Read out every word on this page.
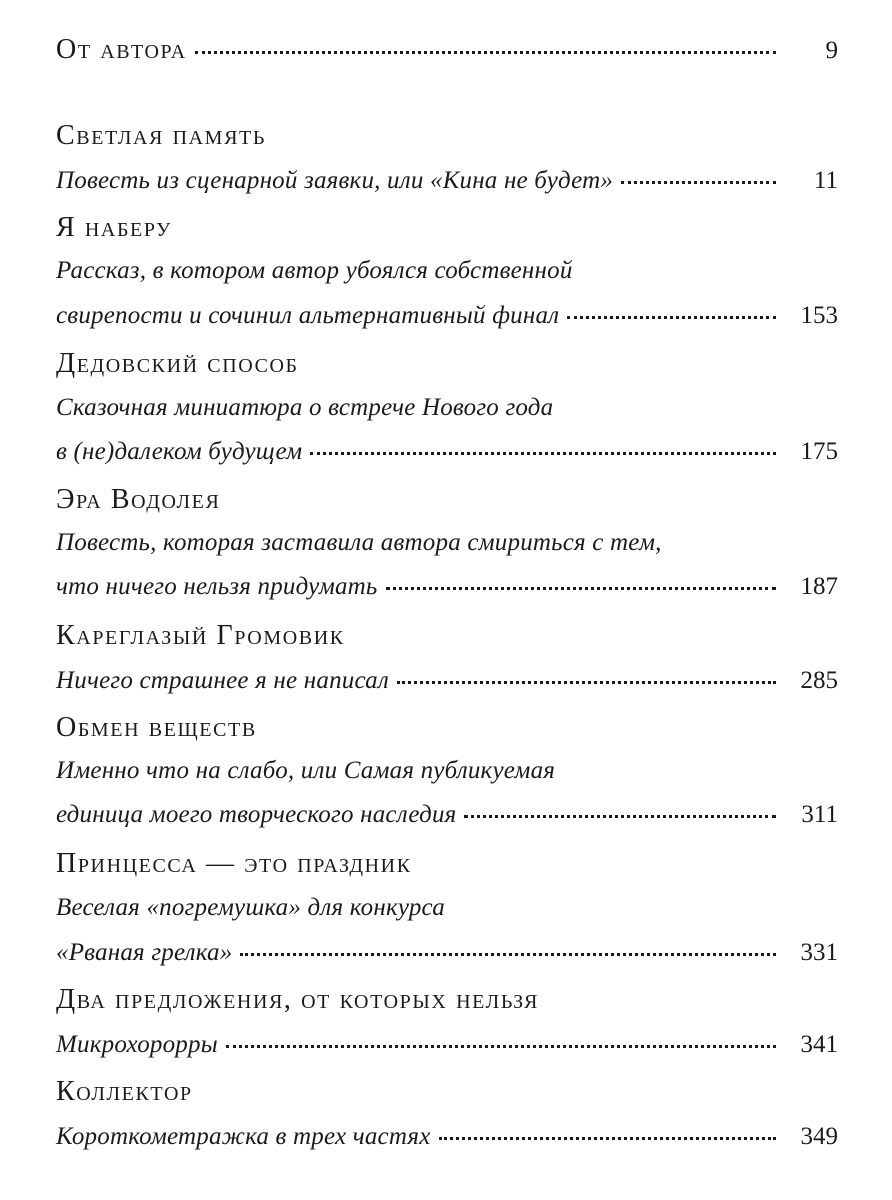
От автора	9
Светлая память
Повесть из сценарной заявки, или «Кина не будет»	11
Я наберу
Рассказ, в котором автор убоялся собственной
свирепости и сочинил альтернативный финал	153
Дедовский способ
Сказочная миниатюра о встрече Нового года
в (не)далеком будущем	175
Эра Водолея
Повесть, которая заставила автора смириться с тем,
что ничего нельзя придумать	187
Кареглазый Громовик
Ничего страшнее я не написал	285
Обмен веществ
Именно что на слабо, или Самая публикуемая
единица моего творческого наследия	311
Принцесса — это праздник
Веселая «погремушка» для конкурса
«Рваная грелка»	331
Два предложения, от которых нельзя
Микрохорорры	341
Коллектор
Короткометражка в трех частях	349
